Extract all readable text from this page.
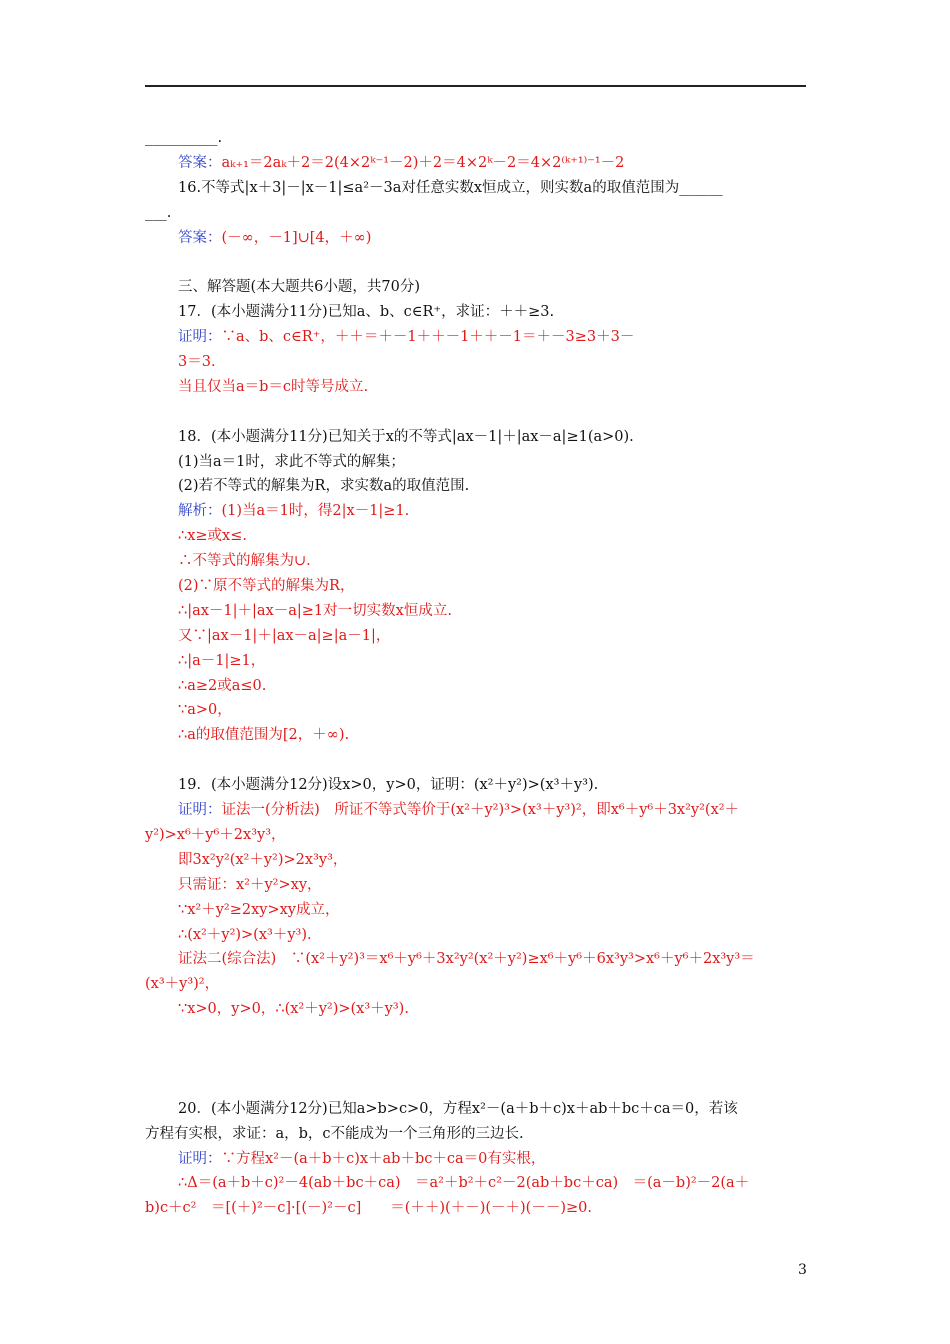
__________.
答案：aₖ₊₁＝2aₖ＋2＝2(4×2ᵏ⁻¹－2)＋2＝4×2ᵏ－2＝4×2⁽ᵏ⁺¹⁾⁻¹－2
16.不等式|x＋3|－|x－1|≤a²－3a对任意实数x恒成立，则实数a的取值范围为______
___.
答案：(－∞，－1]∪[4，＋∞)
三、解答题(本大题共6小题，共70分)
17．(本小题满分11分)已知a、b、c∈R⁺，求证：＋＋≥3.
证明：∵a、b、c∈R⁺，＋＋＝＋－1＋＋－1＋＋－1＝＋－3≥3＋3－
3＝3.
当且仅当a＝b＝c时等号成立.
18．(本小题满分11分)已知关于x的不等式|ax－1|＋|ax－a|≥1(a>0).
(1)当a＝1时，求此不等式的解集；
(2)若不等式的解集为R，求实数a的取值范围.
解析：(1)当a＝1时，得2|x－1|≥1.
∴x≥或x≤.
∴不等式的解集为∪.
(2)∵原不等式的解集为R，
∴|ax－1|＋|ax－a|≥1对一切实数x恒成立.
又∵|ax－1|＋|ax－a|≥|a－1|，
∴|a－1|≥1，
∴a≥2或a≤0.
∵a>0，
∴a的取值范围为[2，＋∞).
19．(本小题满分12分)设x>0，y>0，证明：(x²＋y²)>(x³＋y³).
证明：证法一(分析法)　所证不等式等价于(x²＋y²)³>(x³＋y³)²，即x⁶＋y⁶＋3x²y²(x²＋
y²)>x⁶＋y⁶＋2x³y³，
即3x²y²(x²＋y²)>2x³y³，
只需证：x²＋y²>xy，
∵x²＋y²≥2xy>xy成立，
∴(x²＋y²)>(x³＋y³).
证法二(综合法)　∵(x²＋y²)³＝x⁶＋y⁶＋3x²y²(x²＋y²)≥x⁶＋y⁶＋6x³y³>x⁶＋y⁶＋2x³y³＝
(x³＋y³)²，
∵x>0，y>0，∴(x²＋y²)>(x³＋y³).
20．(本小题满分12分)已知a>b>c>0，方程x²－(a＋b＋c)x＋ab＋bc＋ca＝0，若该
方程有实根，求证：a，b，c不能成为一个三角形的三边长.
证明：∵方程x²－(a＋b＋c)x＋ab＋bc＋ca＝0有实根，
∴Δ＝(a＋b＋c)²－4(ab＋bc＋ca)　＝a²＋b²＋c²－2(ab＋bc＋ca)　＝(a－b)²－2(a＋
b)c＋c²　＝[(＋)²－c]·[(－)²－c]　　＝(＋＋)(＋－)(－＋)(－－)≥0.
3
